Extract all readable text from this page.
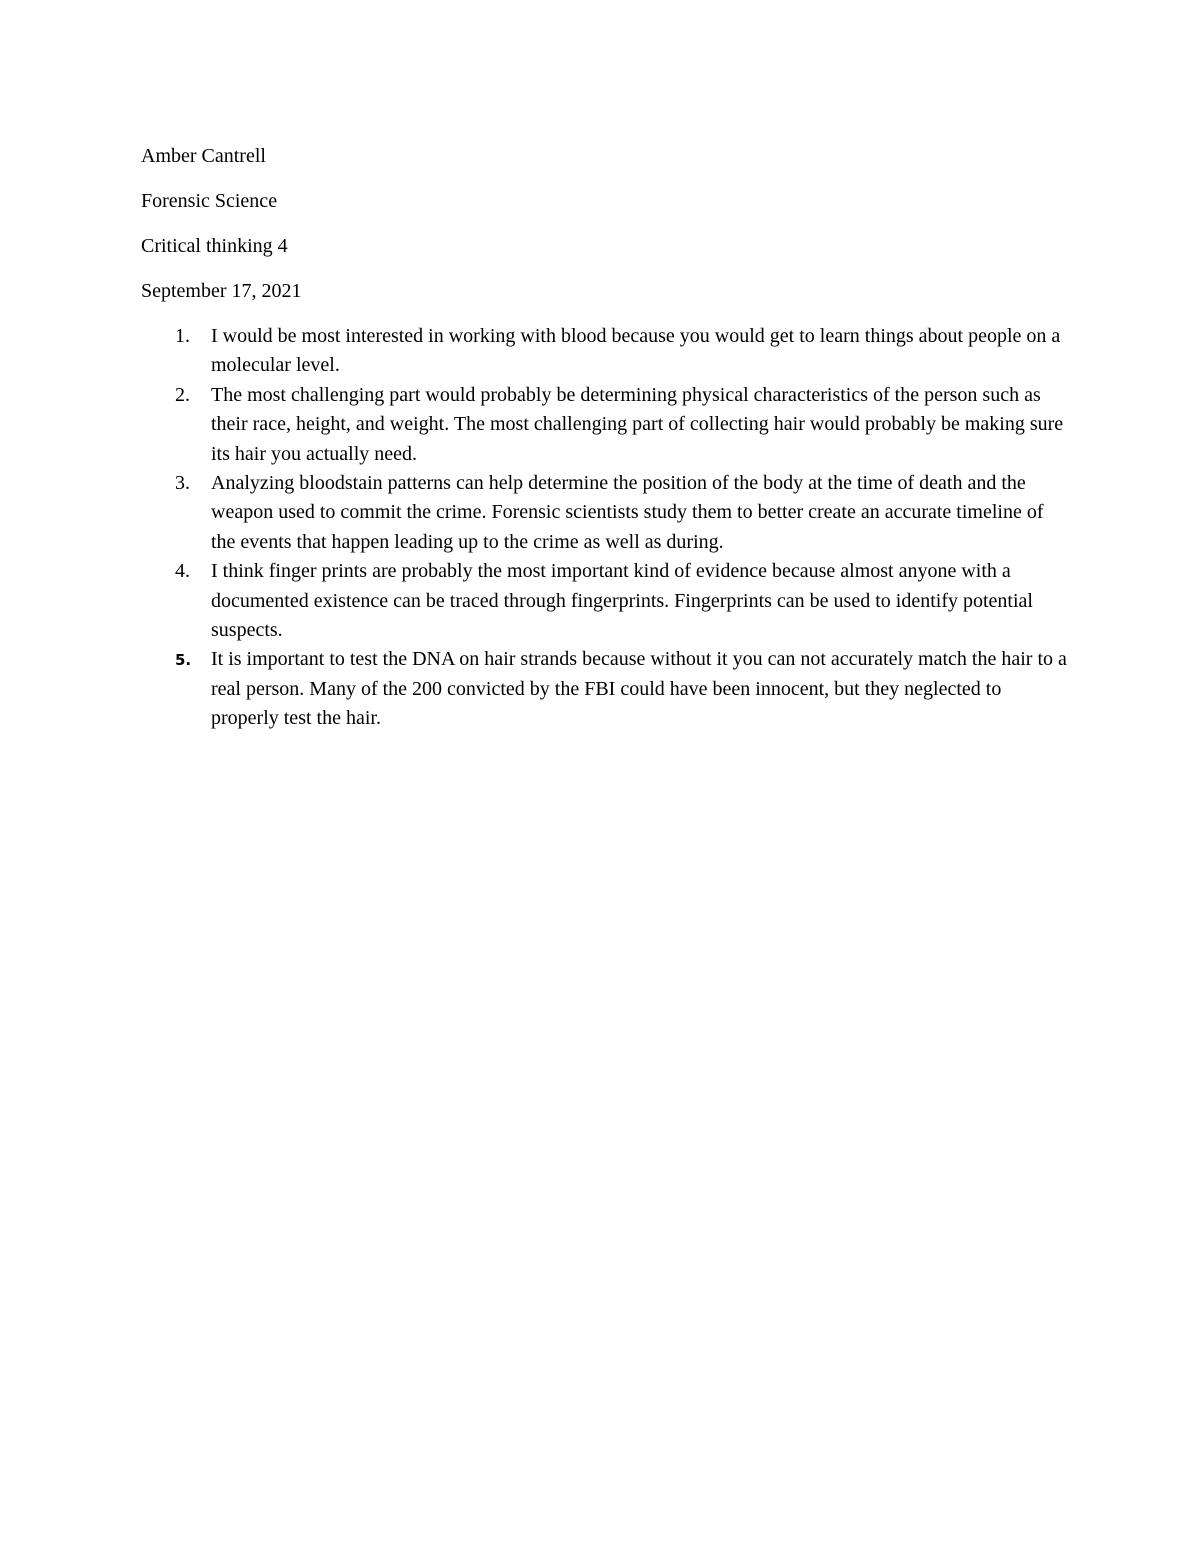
Amber Cantrell
Forensic Science
Critical thinking 4
September 17, 2021
1.	I would be most interested in working with blood because you would get to learn things about people on a molecular level.
2.	The most challenging part would probably be determining physical characteristics of the person such as their race, height, and weight. The most challenging part of collecting hair would probably be making sure its hair you actually need.
3.	Analyzing bloodstain patterns can help determine the position of the body at the time of death and the weapon used to commit the crime. Forensic scientists study them to better create an accurate timeline of the events that happen leading up to the crime as well as during.
4.	I think finger prints are probably the most important kind of evidence because almost anyone with a documented existence can be traced through fingerprints. Fingerprints can be used to identify potential suspects.
5. It is important to test the DNA on hair strands because without it you can not accurately match the hair to a real person. Many of the 200 convicted by the FBI could have been innocent, but they neglected to properly test the hair.
